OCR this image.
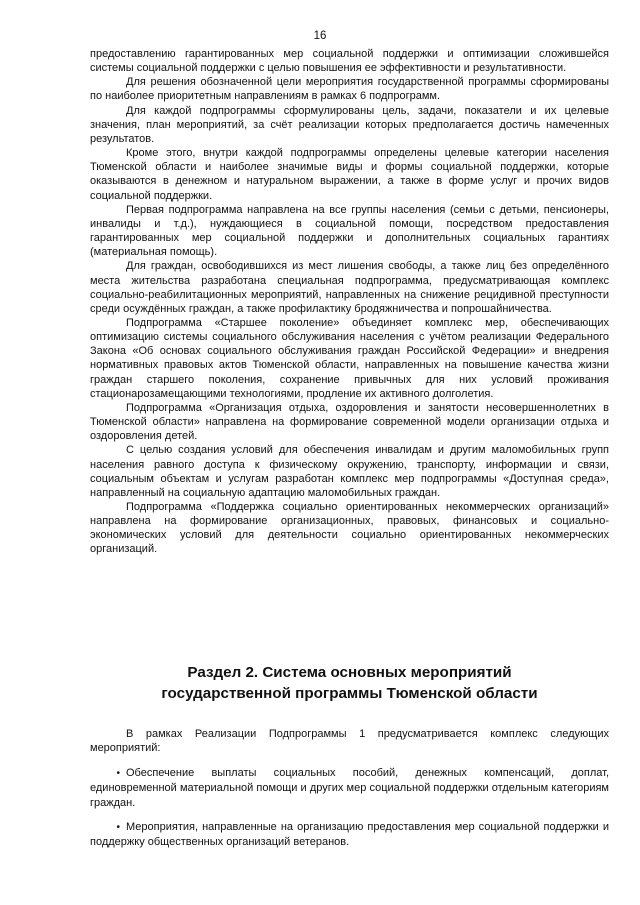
16

предоставлению гарантированных мер социальной поддержки и оптимизации сложившейся системы социальной поддержки с целью повышения ее эффективности и результативности.

Для решения обозначенной цели мероприятия государственной программы сформированы по наиболее приоритетным направлениям в рамках 6 подпрограмм.

Для каждой подпрограммы сформулированы цель, задачи, показатели и их целевые значения, план мероприятий, за счёт реализации которых предполагается достичь намеченных результатов.

Кроме этого, внутри каждой подпрограммы определены целевые категории населения Тюменской области и наиболее значимые виды и формы социальной поддержки, которые оказываются в денежном и натуральном выражении, а также в форме услуг и прочих видов социальной поддержки.

Первая подпрограмма направлена на все группы населения (семьи с детьми, пенсионеры, инвалиды и т.д.), нуждающиеся в социальной помощи, посредством предоставления гарантированных мер социальной поддержки и дополнительных социальных гарантиях (материальная помощь).

Для граждан, освободившихся из мест лишения свободы, а также лиц без определённого места жительства разработана специальная подпрограмма, предусматривающая комплекс социально-реабилитационных мероприятий, направленных на снижение рецидивной преступности среди осуждённых граждан, а также профилактику бродяжничества и попрошайничества.

Подпрограмма «Старшее поколение» объединяет комплекс мер, обеспечивающих оптимизацию системы социального обслуживания населения с учётом реализации Федерального Закона «Об основах социального обслуживания граждан Российской Федерации» и внедрения нормативных правовых актов Тюменской области, направленных на повышение качества жизни граждан старшего поколения, сохранение привычных для них условий проживания стационарозамещающими технологиями, продление их активного долголетия.

Подпрограмма «Организация отдыха, оздоровления и занятости несовершеннолетних в Тюменской области» направлена на формирование современной модели организации отдыха и оздоровления детей.

С целью создания условий для обеспечения инвалидам и другим маломобильных групп населения равного доступа к физическому окружению, транспорту, информации и связи, социальным объектам и услугам разработан комплекс мер подпрограммы «Доступная среда», направленный на социальную адаптацию маломобильных граждан.

Подпрограмма «Поддержка социально ориентированных некоммерческих организаций» направлена на формирование организационных, правовых, финансовых и социально-экономических условий для деятельности социально ориентированных некоммерческих организаций.

Раздел 2. Система основных мероприятий
государственной программы Тюменской области

В рамках Реализации Подпрограммы 1 предусматривается комплекс следующих мероприятий:

• Обеспечение выплаты социальных пособий, денежных компенсаций, доплат, единовременной материальной помощи и других мер социальной поддержки отдельным категориям граждан.
• Мероприятия, направленные на организацию предоставления мер социальной поддержки и поддержку общественных организаций ветеранов.
